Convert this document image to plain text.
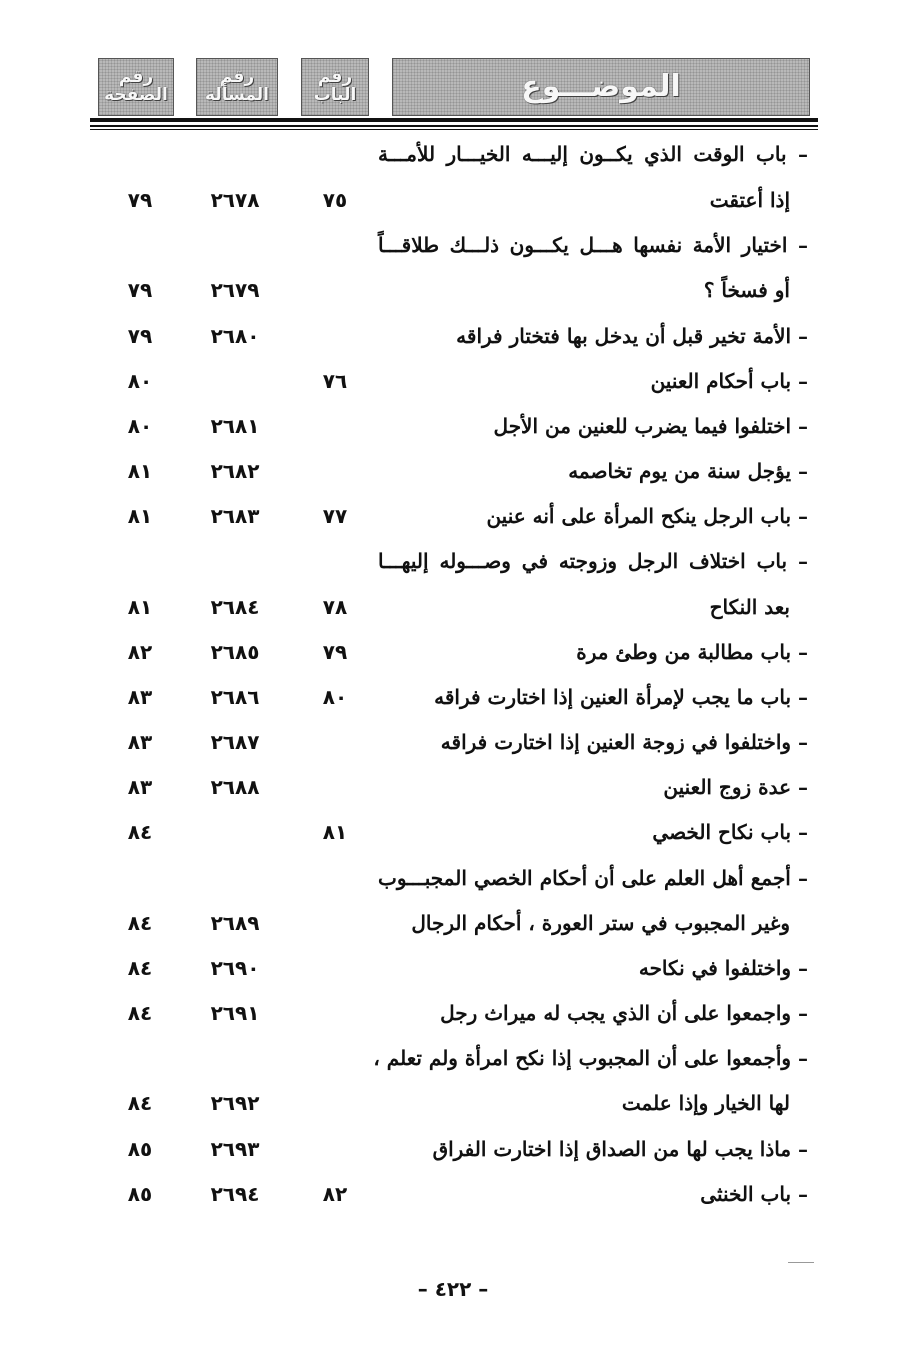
الموضـــوع
رقم
الباب
رقم
المسألة
رقم
الصفحة
– باب الوقت الذي يكــون إليـــه الخيـــار للأمـــة
إذا أعتقت
٧٥
٢٦٧٨
٧٩
– اختيار الأمة نفسها هـــل يكـــون ذلـــك طلاقـــاً
أو فسخاً ؟
٢٦٧٩
٧٩
– الأمة تخير قبل أن يدخل بها فتختار فراقه
٢٦٨٠
٧٩
– باب أحكام العنين
٧٦
٨٠
– اختلفوا فيما يضرب للعنين من الأجل
٢٦٨١
٨٠
– يؤجل سنة من يوم تخاصمه
٢٦٨٢
٨١
– باب الرجل ينكح المرأة على أنه عنين
٧٧
٢٦٨٣
٨١
– باب اختلاف الرجل وزوجته في وصـــوله إليهـــا
بعد النكاح
٧٨
٢٦٨٤
٨١
– باب مطالبة من وطئ مرة
٧٩
٢٦٨٥
٨٢
– باب ما يجب لإمرأة العنين إذا اختارت فراقه
٨٠
٢٦٨٦
٨٣
– واختلفوا في زوجة العنين إذا اختارت فراقه
٢٦٨٧
٨٣
– عدة زوج العنين
٢٦٨٨
٨٣
– باب نكاح الخصي
٨١
٨٤
– أجمع أهل العلم على أن أحكام الخصي المجبـــوب
وغير المجبوب في ستر العورة ، أحكام الرجال
٢٦٨٩
٨٤
– واختلفوا في نكاحه
٢٦٩٠
٨٤
– واجمعوا على أن الذي يجب له ميراث رجل
٢٦٩١
٨٤
– وأجمعوا على أن المجبوب إذا نكح امرأة ولم تعلم ،
لها الخيار وإذا علمت
٢٦٩٢
٨٤
– ماذا يجب لها من الصداق إذا اختارت الفراق
٢٦٩٣
٨٥
– باب الخنثى
٨٢
٢٦٩٤
٨٥
– ٤٢٢ –
